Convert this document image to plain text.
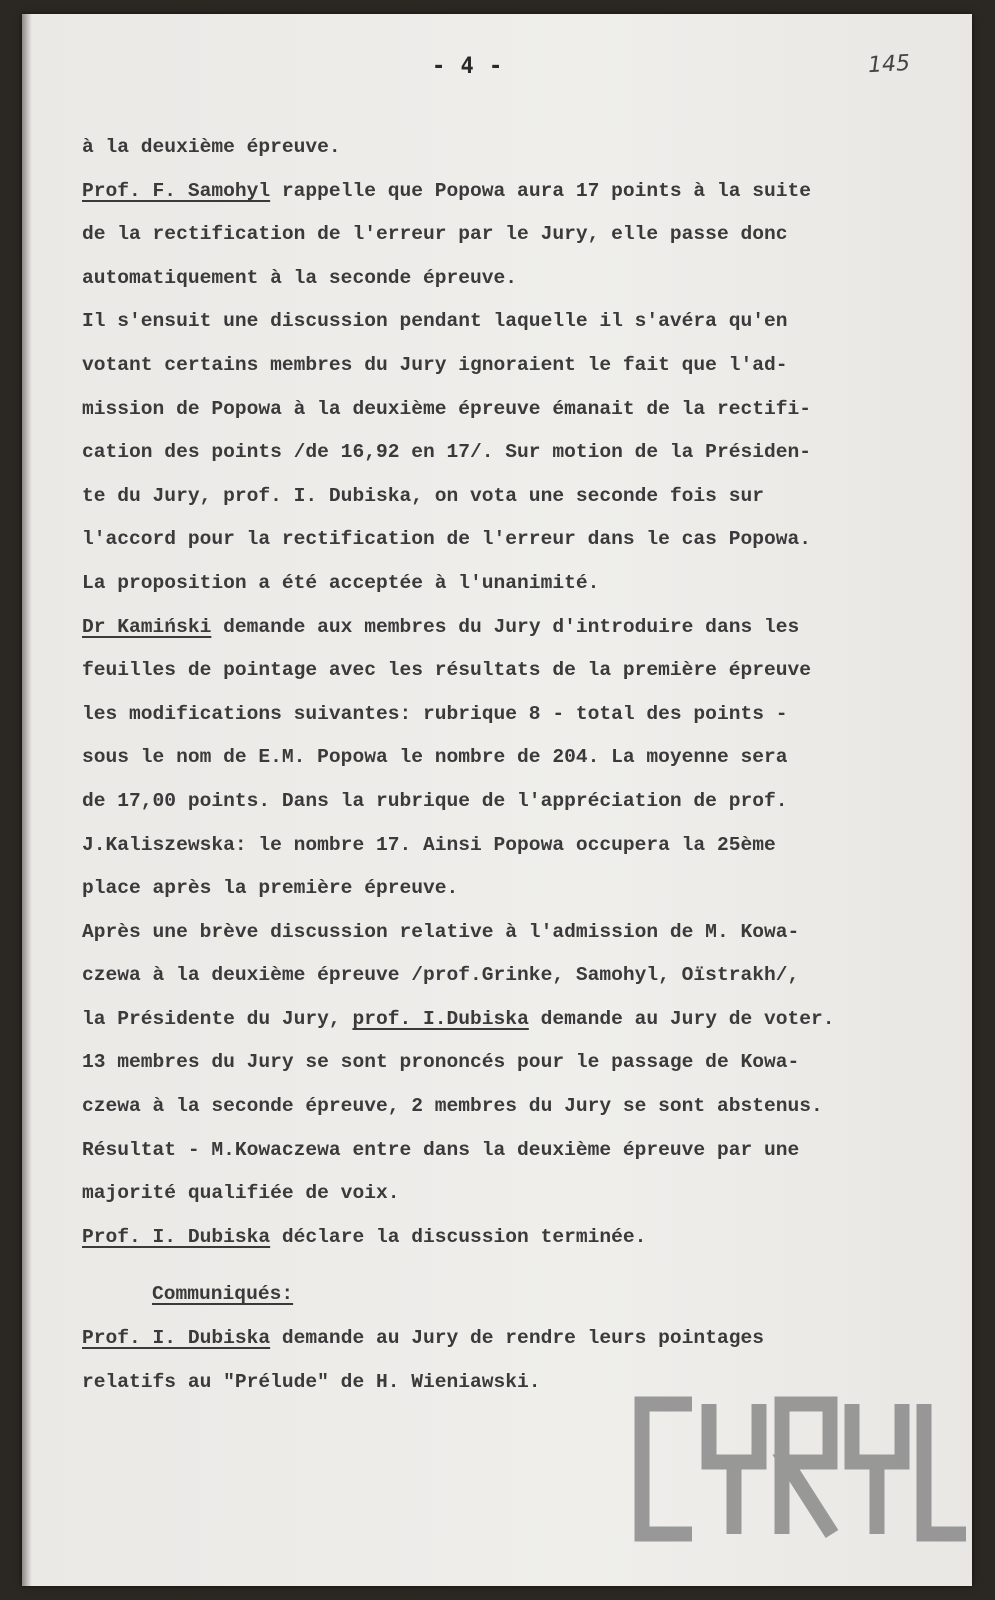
- 4 -	145
à la deuxième épreuve.
Prof. F. Samohyl rappelle que Popowa aura 17 points à la suite
de la rectification de l'erreur par le Jury, elle passe donc
automatiquement à la seconde épreuve.
Il s'ensuit une discussion pendant laquelle il s'avéra qu'en
votant certains membres du Jury ignoraient le fait que l'ad-
mission de Popowa à la deuxième épreuve émanait de la rectifi-
cation des points /de 16,92 en 17/. Sur motion de la Présiden-
te du Jury, prof. I. Dubiska, on vota une seconde fois sur
l'accord pour la rectification de l'erreur dans le cas Popowa.
La proposition a été acceptée à l'unanimité.
Dr Kamiński demande aux membres du Jury d'introduire dans les
feuilles de pointage avec les résultats de la première épreuve
les modifications suivantes: rubrique 8 - total des points -
sous le nom de E.M. Popowa le nombre de 204. La moyenne sera
de 17,00 points. Dans la rubrique de l'appréciation de prof.
J.Kaliszewska: le nombre 17. Ainsi Popowa occupera la 25ème
place après la première épreuve.
Après une brève discussion relative à l'admission de M. Kowa-
czewa à la deuxième épreuve /prof.Grinke, Samohyl, Oïstrakh/,
la Présidente du Jury, prof. I.Dubiska demande au Jury de voter.
13 membres du Jury se sont prononcés pour le passage de Kowa-
czewa à la seconde épreuve, 2 membres du Jury se sont abstenus.
Résultat - M.Kowaczewa entre dans la deuxième épreuve par une
majorité qualifiée de voix.
Prof. I. Dubiska déclare la discussion terminée.
Communiqués:
Prof. I. Dubiska demande au Jury de rendre leurs pointages
relatifs au "Prélude" de H. Wieniawski.
